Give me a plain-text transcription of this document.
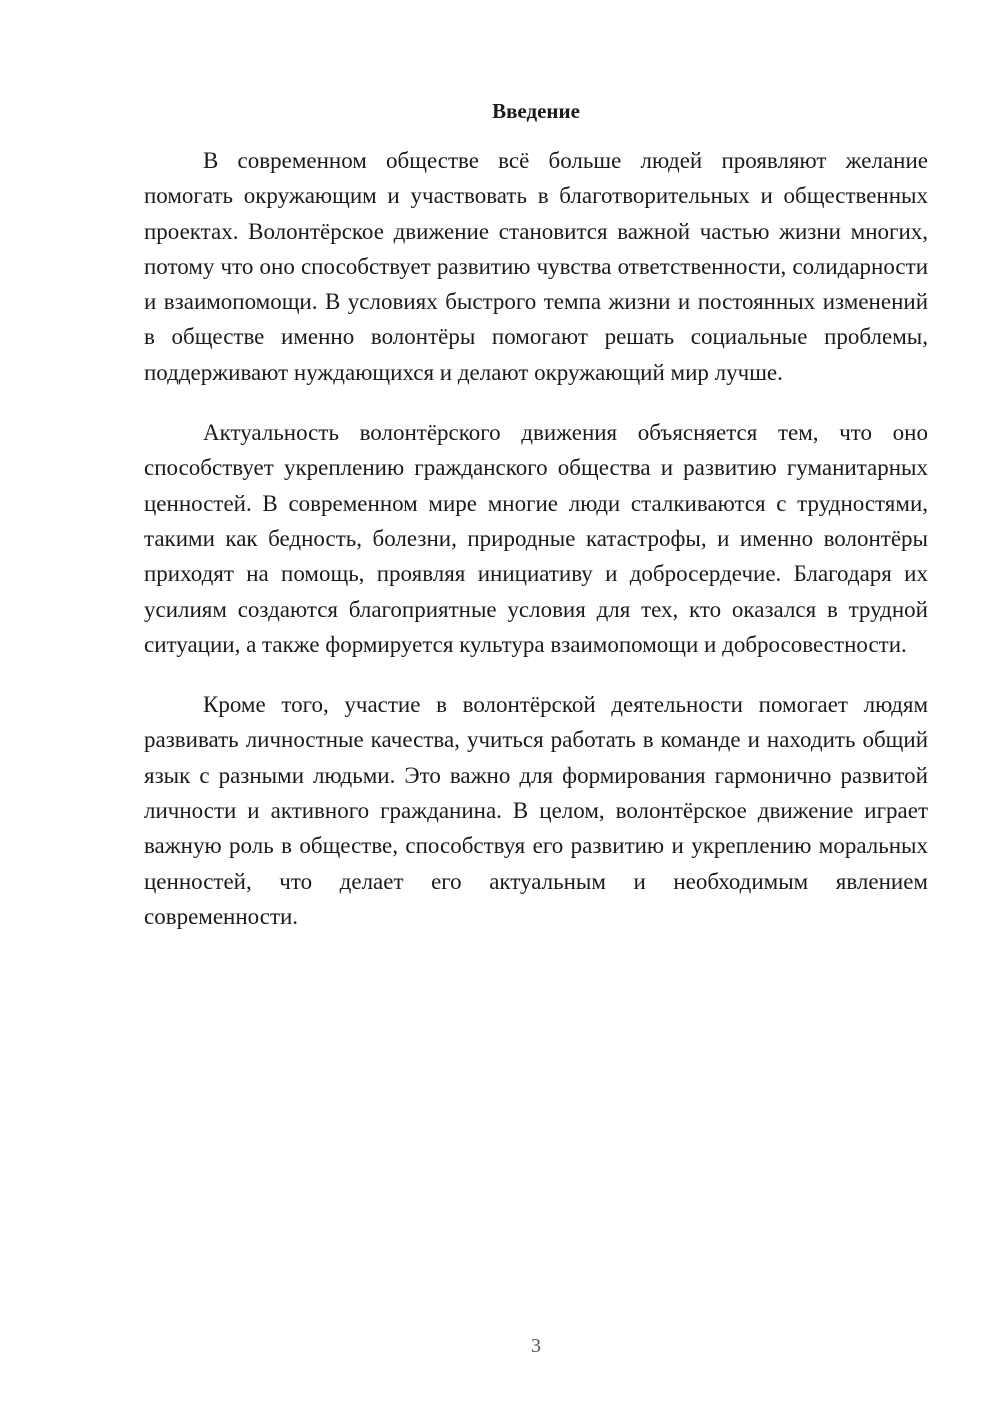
Введение

В современном обществе всё больше людей проявляют желание помогать окружающим и участвовать в благотворительных и общественных проектах. Волонтёрское движение становится важной частью жизни многих, потому что оно способствует развитию чувства ответственности, солидарности и взаимопомощи. В условиях быстрого темпа жизни и постоянных изменений в обществе именно волонтёры помогают решать социальные проблемы, поддерживают нуждающихся и делают окружающий мир лучше.

Актуальность волонтёрского движения объясняется тем, что оно способствует укреплению гражданского общества и развитию гуманитарных ценностей. В современном мире многие люди сталкиваются с трудностями, такими как бедность, болезни, природные катастрофы, и именно волонтёры приходят на помощь, проявляя инициативу и добросердечие. Благодаря их усилиям создаются благоприятные условия для тех, кто оказался в трудной ситуации, а также формируется культура взаимопомощи и добросовестности.

Кроме того, участие в волонтёрской деятельности помогает людям развивать личностные качества, учиться работать в команде и находить общий язык с разными людьми. Это важно для формирования гармонично развитой личности и активного гражданина. В целом, волонтёрское движение играет важную роль в обществе, способствуя его развитию и укреплению моральных ценностей, что делает его актуальным и необходимым явлением современности.

3
